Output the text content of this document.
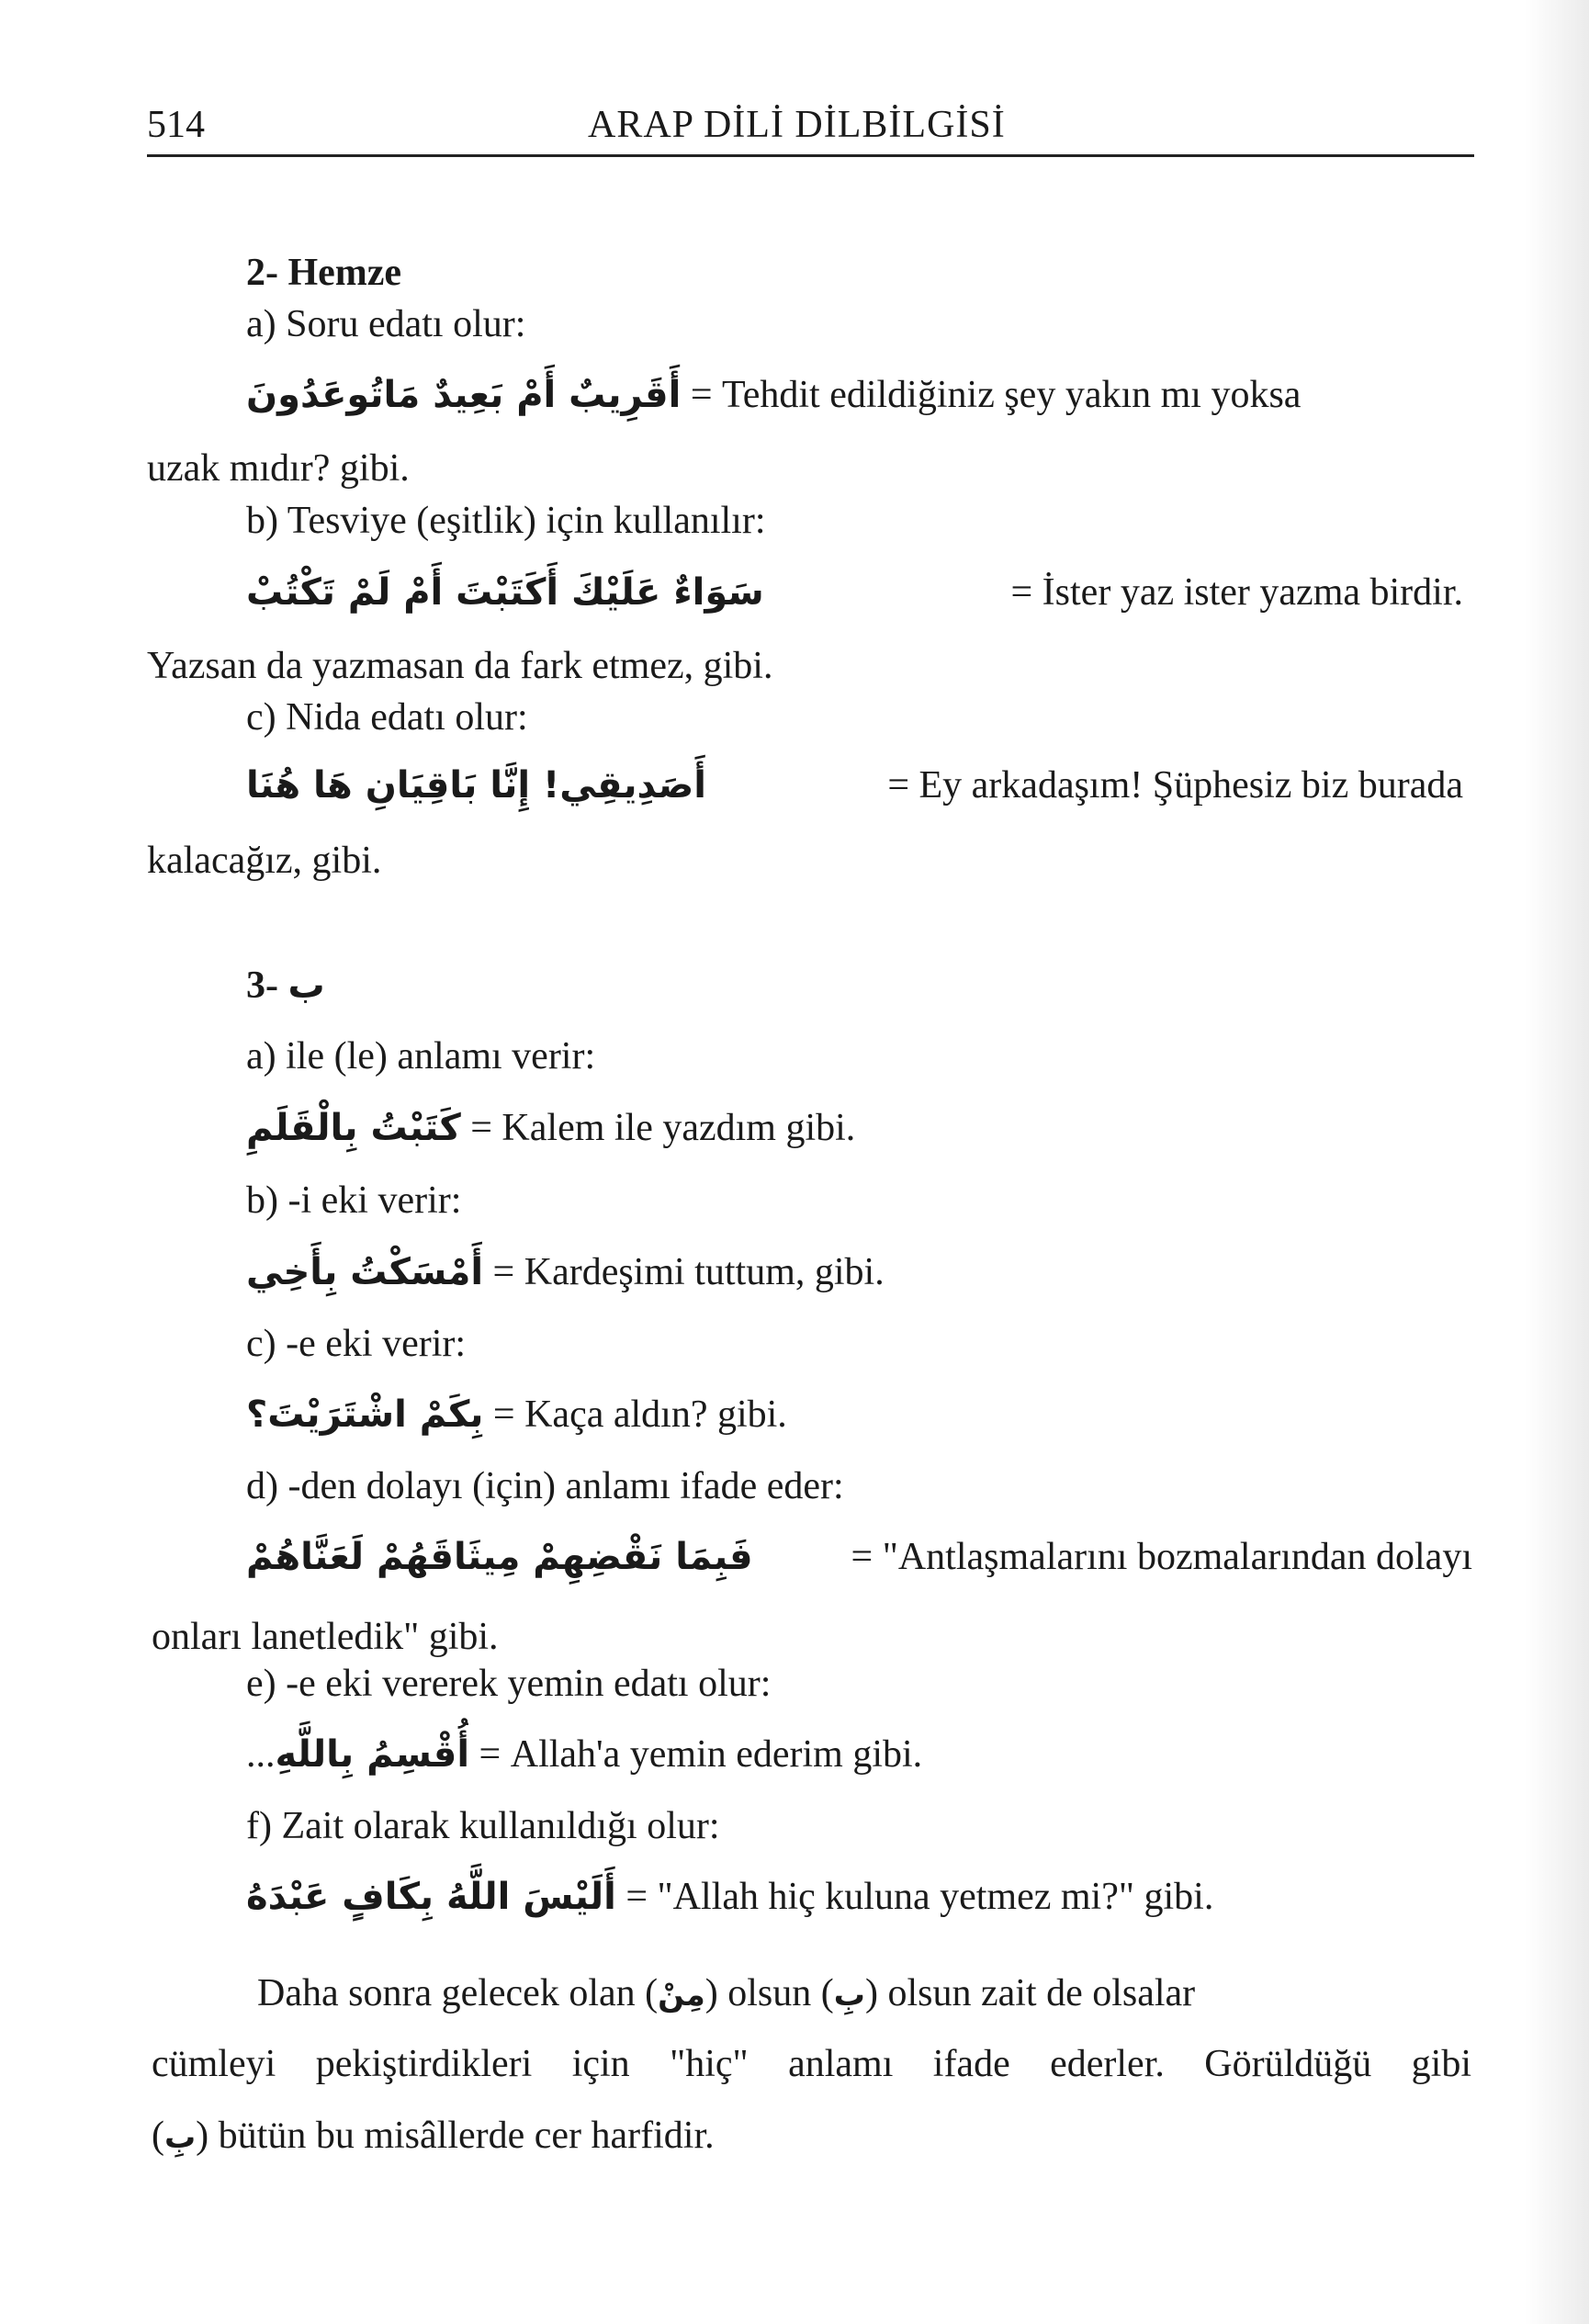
514	ARAP DİLİ DİLBİLGİSİ
2- Hemze
a) Soru edatı olur:
أَقَرِيبٌ أَمْ بَعِيدٌ مَاتُوعَدُونَ = Tehdit edildiğiniz şey yakın mı yoksa
uzak mıdır? gibi.
b) Tesviye (eşitlik) için kullanılır:
سَوَاءٌ عَلَيْكَ أَكَتَبْتَ أَمْ لَمْ تَكْتُبْ	= İster yaz ister yazma birdir.
Yazsan da yazmasan da fark etmez, gibi.
c) Nida edatı olur:
أَصَدِيقِي! إِنَّا بَاقِيَانِ هَا هُنَا	= Ey arkadaşım! Şüphesiz biz burada
kalacağız, gibi.
3- ب
a) ile (le) anlamı verir:
كَتَبْتُ بِالْقَلَمِ = Kalem ile yazdım gibi.
b) -i eki verir:
أَمْسَكْتُ بِأَخِي = Kardeşimi tuttum, gibi.
c) -e eki verir:
بِكَمْ اشْتَرَيْتَ؟ = Kaça aldın? gibi.
d) -den dolayı (için) anlamı ifade eder:
فَبِمَا نَقْضِهِمْ مِيثَاقَهُمْ لَعَنَّاهُمْ	= "Antlaşmalarını bozmalarından dolayı
onları lanetledik" gibi.
e) -e eki vererek yemin edatı olur:
...أُقْسِمُ بِاللَّهِ = Allah'a yemin ederim gibi.
f) Zait olarak kullanıldığı olur:
أَلَيْسَ اللَّهُ بِكَافٍ عَبْدَهُ = "Allah hiç kuluna yetmez mi?" gibi.
Daha sonra gelecek olan (مِنْ) olsun (بِ) olsun zait de olsalar
cümleyi pekiştirdikleri için "hiç" anlamı ifade ederler. Görüldüğü gibi
(بِ) bütün bu misâllerde cer harfidir.
